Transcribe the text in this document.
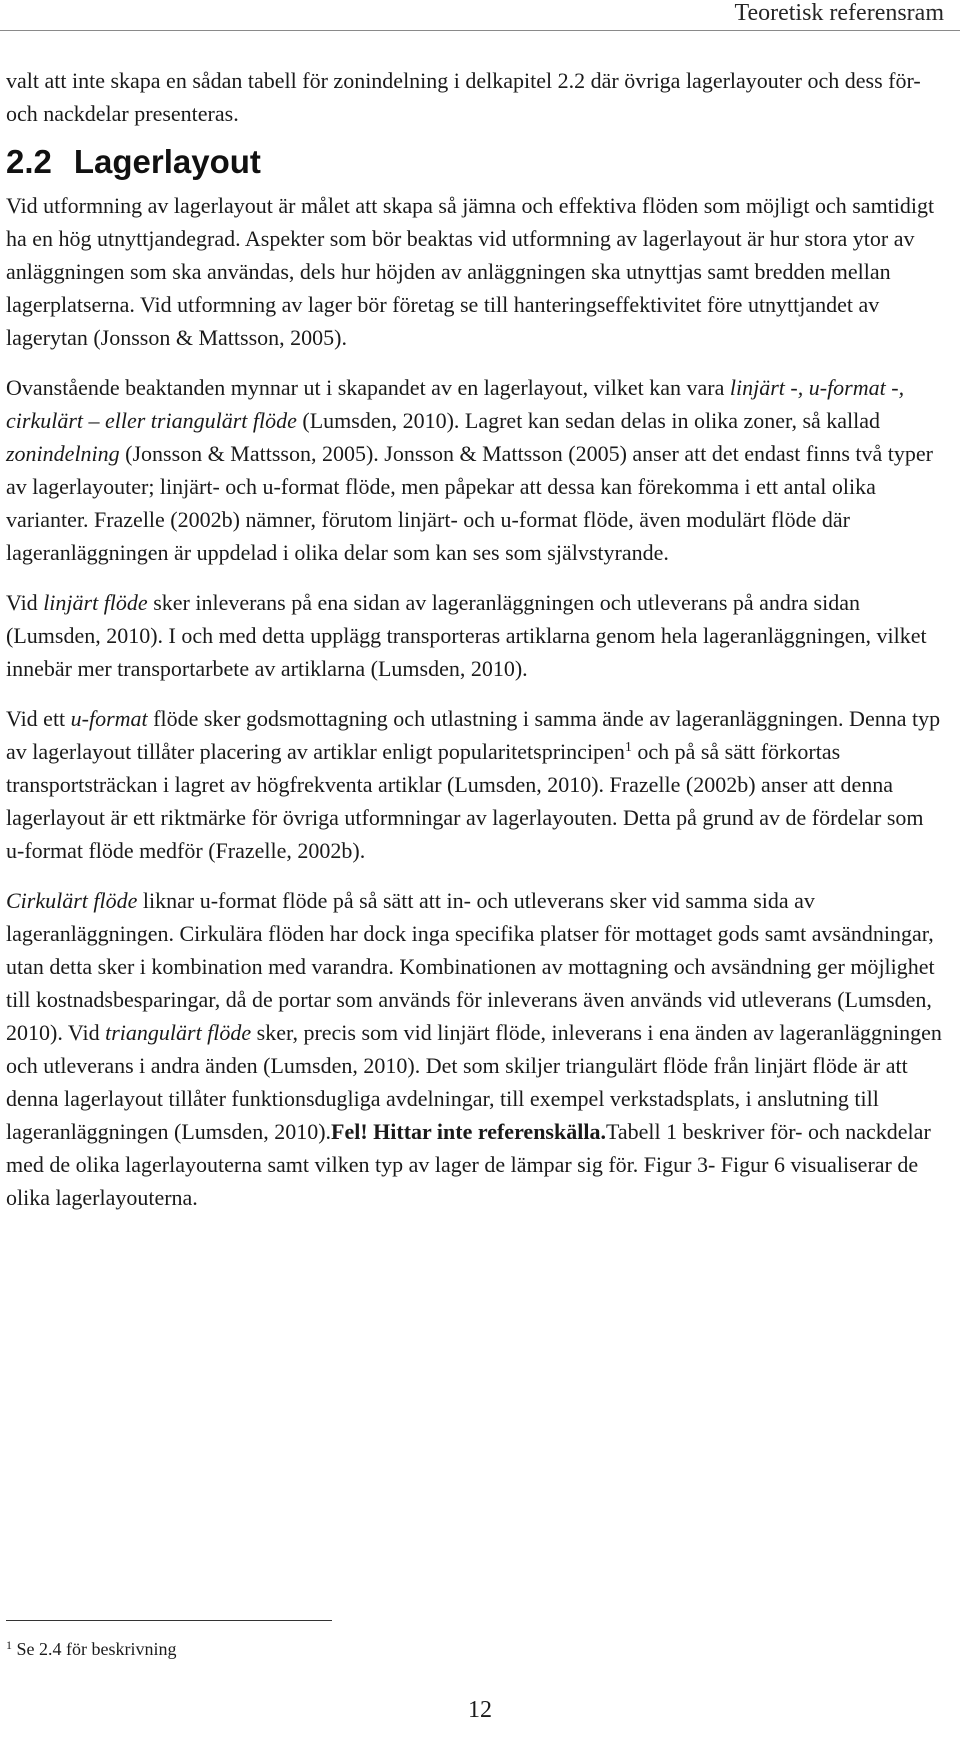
Teoretisk referensram

valt att inte skapa en sådan tabell för zonindelning i delkapitel 2.2 där övriga lagerlayouter och dess för- och nackdelar presenteras.

2.2 Lagerlayout

Vid utformning av lagerlayout är målet att skapa så jämna och effektiva flöden som möjligt och samtidigt ha en hög utnyttjandegrad. Aspekter som bör beaktas vid utformning av lagerlayout är hur stora ytor av anläggningen som ska användas, dels hur höjden av anläggningen ska utnyttjas samt bredden mellan lagerplatserna. Vid utformning av lager bör företag se till hanteringseffektivitet före utnyttjandet av lagerytan (Jonsson & Mattsson, 2005).

Ovanstående beaktanden mynnar ut i skapandet av en lagerlayout, vilket kan vara linjärt -, u-format -, cirkulärt – eller triangulärt flöde (Lumsden, 2010). Lagret kan sedan delas in olika zoner, så kallad zonindelning (Jonsson & Mattsson, 2005). Jonsson & Mattsson (2005) anser att det endast finns två typer av lagerlayouter; linjärt- och u-format flöde, men påpekar att dessa kan förekomma i ett antal olika varianter. Frazelle (2002b) nämner, förutom linjärt- och u-format flöde, även modulärt flöde där lageranläggningen är uppdelad i olika delar som kan ses som självstyrande.

Vid linjärt flöde sker inleverans på ena sidan av lageranläggningen och utleverans på andra sidan (Lumsden, 2010). I och med detta upplägg transporteras artiklarna genom hela lageranläggningen, vilket innebär mer transportarbete av artiklarna (Lumsden, 2010).

Vid ett u-format flöde sker godsmottagning och utlastning i samma ände av lageranläggningen. Denna typ av lagerlayout tillåter placering av artiklar enligt popularitetsprincipen$^1$ och på så sätt förkortas transportsträckan i lagret av högfrekventa artiklar (Lumsden, 2010). Frazelle (2002b) anser att denna lagerlayout är ett riktmärke för övriga utformningar av lagerlayouten. Detta på grund av de fördelar som u-format flöde medför (Frazelle, 2002b).

Cirkulärt flöde liknar u-format flöde på så sätt att in- och utleverans sker vid samma sida av lageranläggningen. Cirkulära flöden har dock inga specifika platser för mottaget gods samt avsändningar, utan detta sker i kombination med varandra. Kombinationen av mottagning och avsändning ger möjlighet till kostnadsbesparingar, då de portar som används för inleverans även används vid utleverans (Lumsden, 2010). Vid triangulärt flöde sker, precis som vid linjärt flöde, inleverans i ena änden av lageranläggningen och utleverans i andra änden (Lumsden, 2010). Det som skiljer triangulärt flöde från linjärt flöde är att denna lagerlayout tillåter funktionsdugliga avdelningar, till exempel verkstadsplats, i anslutning till lageranläggningen (Lumsden, 2010).Fel! Hittar inte referenskälla.Tabell 1 beskriver för- och nackdelar med de olika lagerlayouterna samt vilken typ av lager de lämpar sig för. Figur 3- Figur 6 visualiserar de olika lagerlayouterna.

$^1$ Se 2.4 för beskrivning
12
